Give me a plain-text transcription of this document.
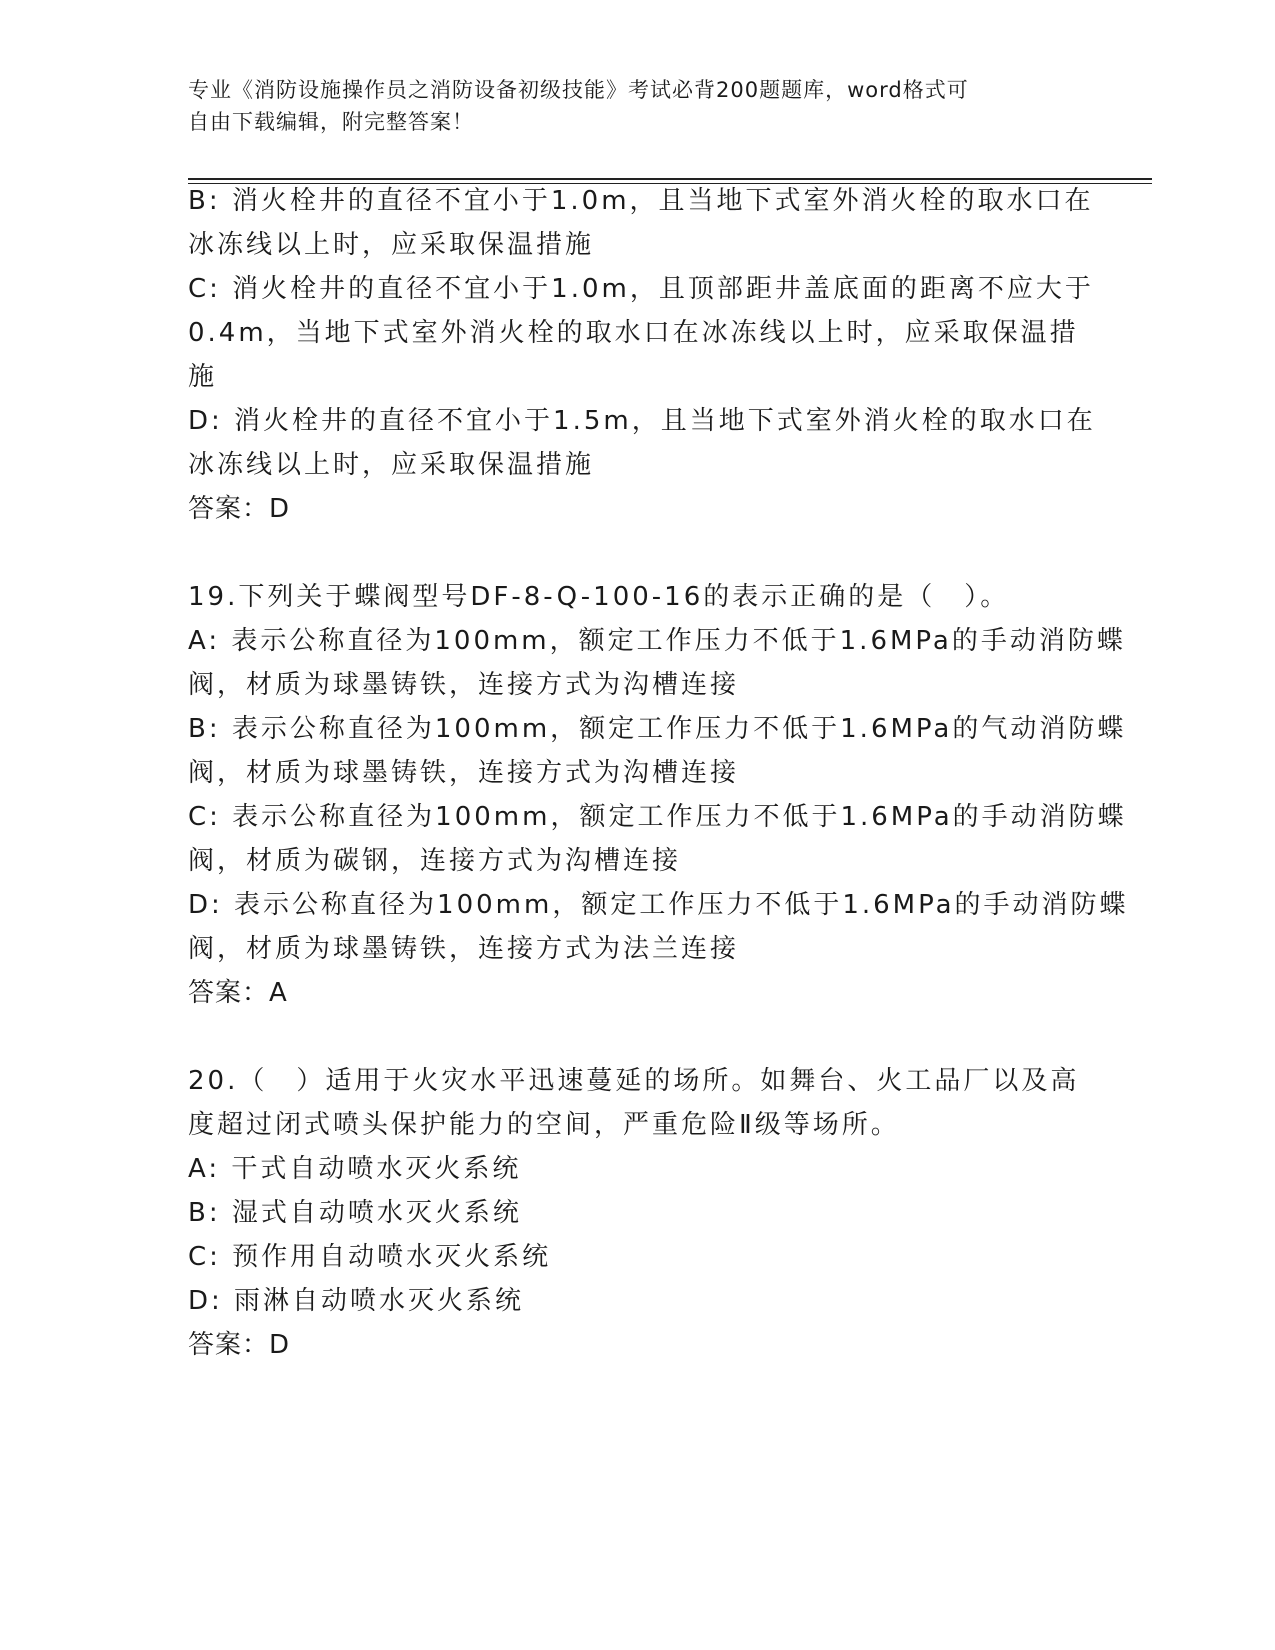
专业《消防设施操作员之消防设备初级技能》考试必背200题题库，word格式可
自由下载编辑，附完整答案！
B: 消火栓井的直径不宜小于1.0m，且当地下式室外消火栓的取水口在
冰冻线以上时，应采取保温措施
C: 消火栓井的直径不宜小于1.0m，且顶部距井盖底面的距离不应大于
0.4m，当地下式室外消火栓的取水口在冰冻线以上时，应采取保温措
施
D: 消火栓井的直径不宜小于1.5m，且当地下式室外消火栓的取水口在
冰冻线以上时，应采取保温措施
答案：D
19.下列关于蝶阀型号DF-8-Q-100-16的表示正确的是（　）。
A: 表示公称直径为100mm，额定工作压力不低于1.6MPa的手动消防蝶
阀，材质为球墨铸铁，连接方式为沟槽连接
B: 表示公称直径为100mm，额定工作压力不低于1.6MPa的气动消防蝶
阀，材质为球墨铸铁，连接方式为沟槽连接
C: 表示公称直径为100mm，额定工作压力不低于1.6MPa的手动消防蝶
阀，材质为碳钢，连接方式为沟槽连接
D: 表示公称直径为100mm，额定工作压力不低于1.6MPa的手动消防蝶
阀，材质为球墨铸铁，连接方式为法兰连接
答案：A
20.（　）适用于火灾水平迅速蔓延的场所。如舞台、火工品厂以及高
度超过闭式喷头保护能力的空间，严重危险Ⅱ级等场所。
A: 干式自动喷水灭火系统
B: 湿式自动喷水灭火系统
C: 预作用自动喷水灭火系统
D: 雨淋自动喷水灭火系统
答案：D
